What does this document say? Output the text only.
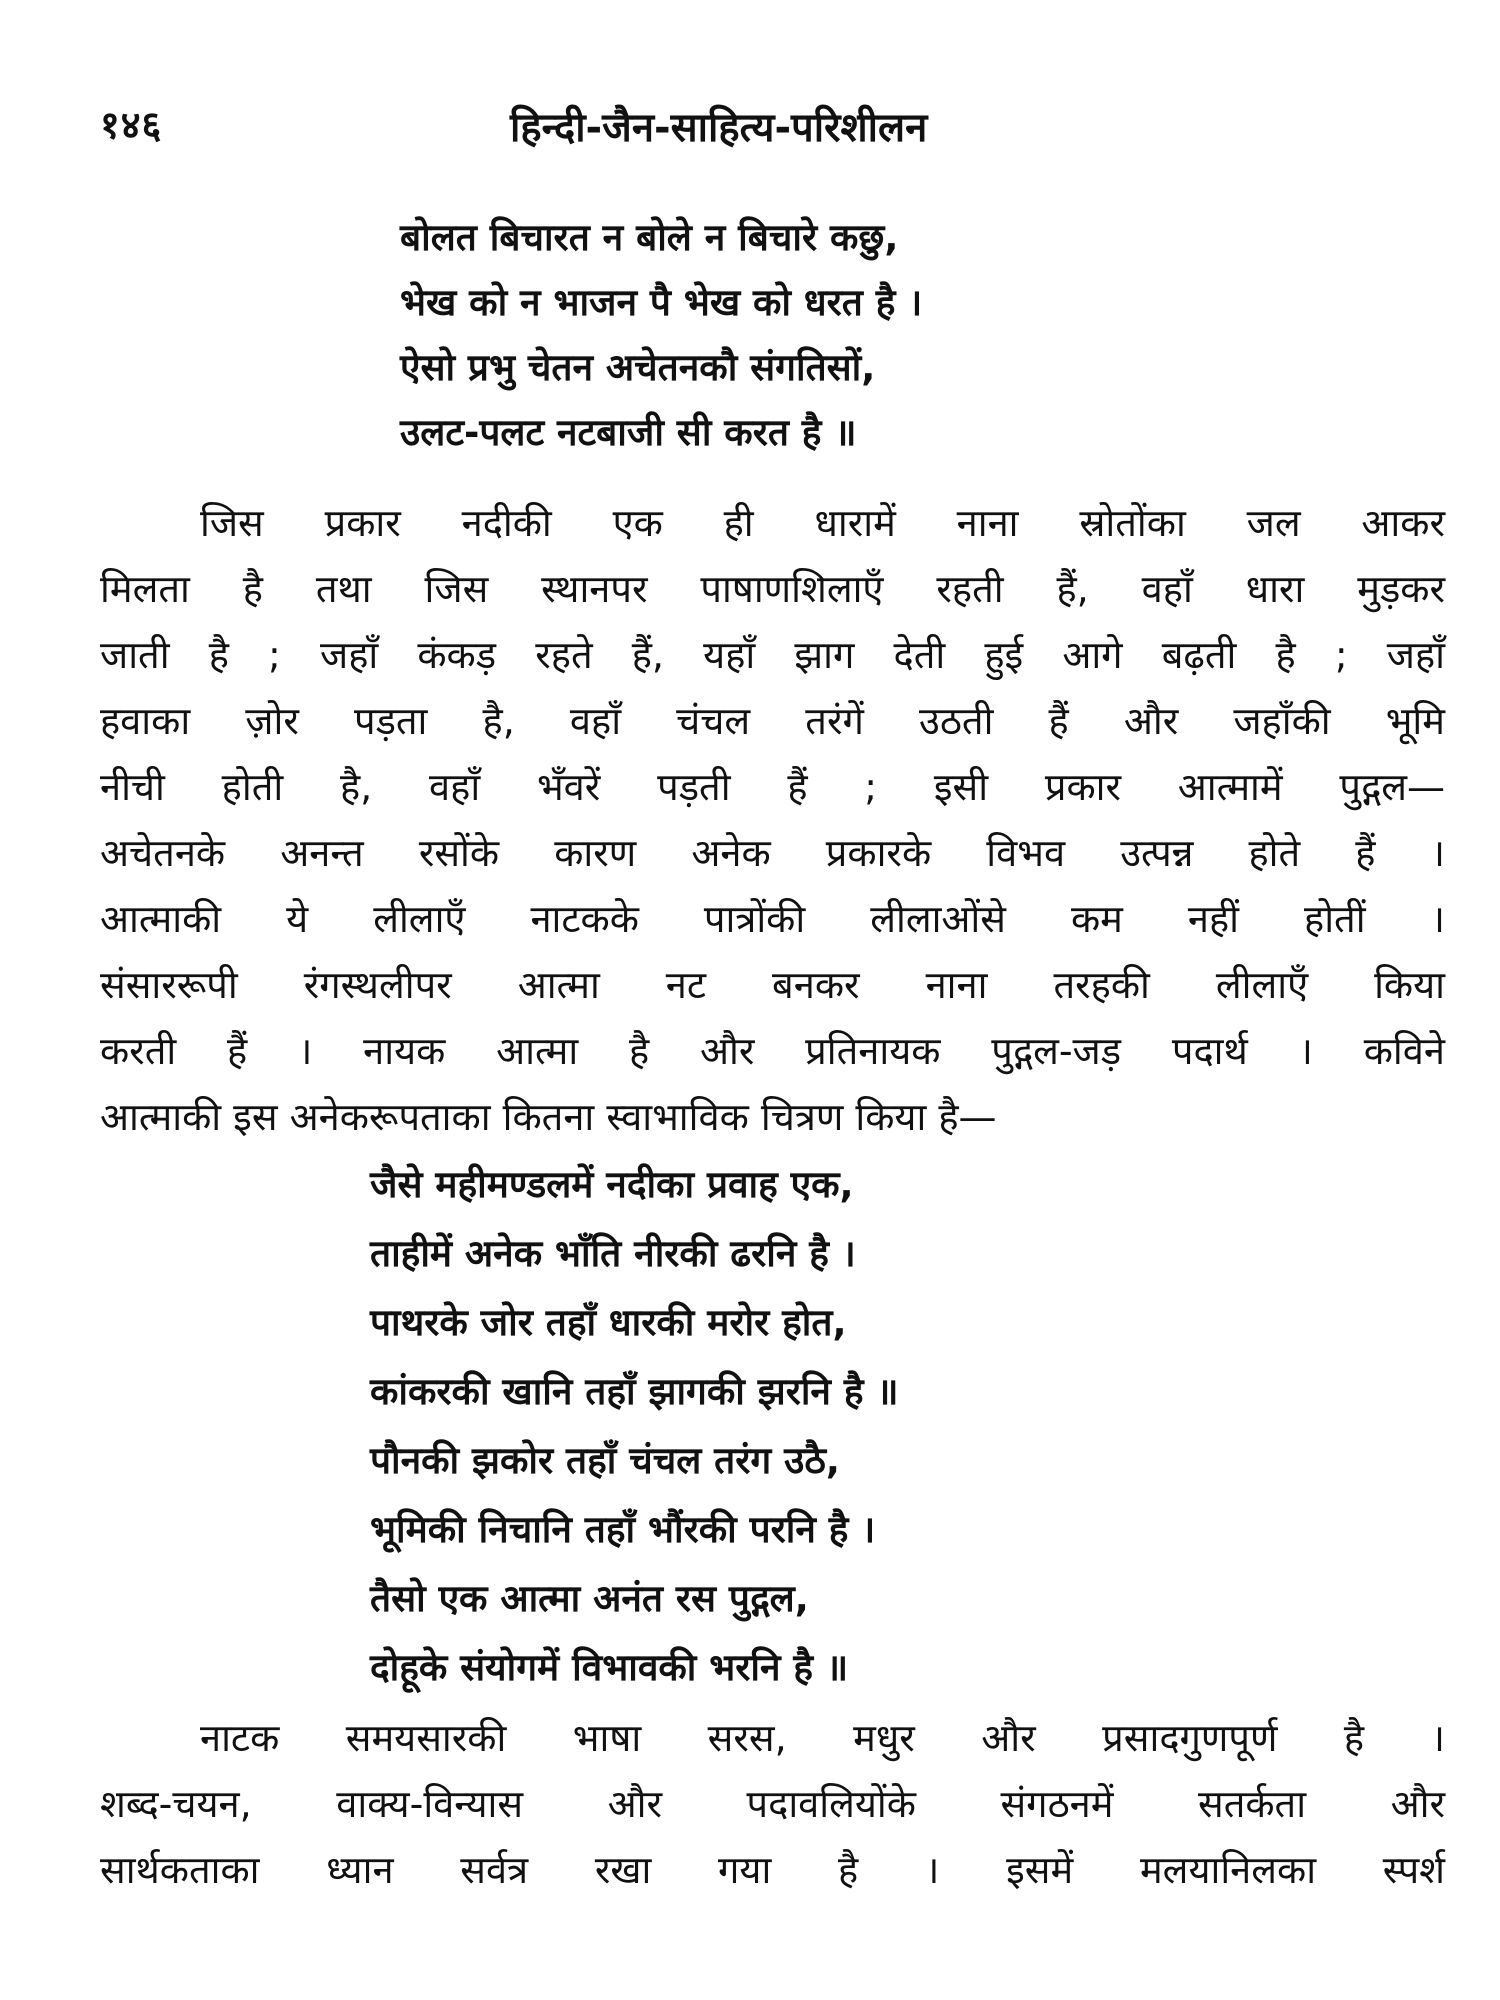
१४६	हिन्दी-जैन-साहित्य-परिशीलन
बोलत बिचारत न बोले न बिचारे कछु,
भेख को न भाजन पै भेख को धरत है ।
ऐसो प्रभु चेतन अचेतनकौ संगतिसों,
उलट-पलट नटबाजी सी करत है ॥

जिस प्रकार नदीकी एक ही धारामें नाना स्रोतोंका जल आकर
मिलता है तथा जिस स्थानपर पाषाणशिलाएँ रहती हैं, वहाँ धारा मुड़कर
जाती है ; जहाँ कंकड़ रहते हैं, यहाँ झाग देती हुई आगे बढ़ती है ; जहाँ
हवाका ज़ोर पड़ता है, वहाँ चंचल तरंगें उठती हैं और जहाँकी भूमि
नीची होती है, वहाँ भँवरें पड़ती हैं ; इसी प्रकार आत्मामें पुद्गल—
अचेतनके अनन्त रसोंके कारण अनेक प्रकारके विभव उत्पन्न होते हैं ।
आत्माकी ये लीलाएँ नाटकके पात्रोंकी लीलाओंसे कम नहीं होतीं ।
संसाररूपी रंगस्थलीपर आत्मा नट बनकर नाना तरहकी लीलाएँ किया
करती हैं । नायक आत्मा है और प्रतिनायक पुद्गल-जड़ पदार्थ । कविने
आत्माकी इस अनेकरूपताका कितना स्वाभाविक चित्रण किया है—

जैसे महीमण्डलमें नदीका प्रवाह एक,
ताहीमें अनेक भाँति नीरकी ढरनि है ।
पाथरके जोर तहाँ धारकी मरोर होत,
कांकरकी खानि तहाँ झागकी झरनि है ॥
पौनकी झकोर तहाँ चंचल तरंग उठै,
भूमिकी निचानि तहाँ भौंरकी परनि है ।
तैसो एक आत्मा अनंत रस पुद्गल,
दोहूके संयोगमें विभावकी भरनि है ॥

नाटक समयसारकी भाषा सरस, मधुर और प्रसादगुणपूर्ण है ।
शब्द-चयन, वाक्य-विन्यास और पदावलियोंके संगठनमें सतर्कता और
सार्थकताका ध्यान सर्वत्र रखा गया है । इसमें मलयानिलका स्पर्श
